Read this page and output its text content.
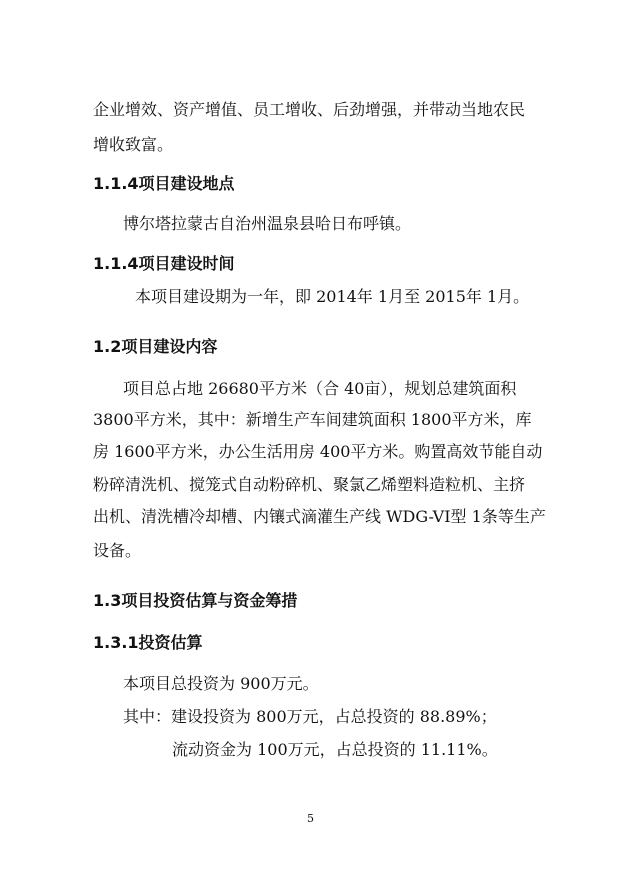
企业增效、资产增值、员工增收、后劲增强，并带动当地农民
增收致富。
1.1.4项目建设地点
博尔塔拉蒙古自治州温泉县哈日布呼镇。
1.1.4项目建设时间
本项目建设期为一年，即 2014年 1月至 2015年 1月。
1.2项目建设内容
项目总占地 26680平方米（合 40亩），规划总建筑面积
3800平方米，其中：新增生产车间建筑面积 1800平方米，库
房 1600平方米，办公生活用房 400平方米。购置高效节能自动
粉碎清洗机、搅笼式自动粉碎机、聚氯乙烯塑料造粒机、主挤
出机、清洗槽冷却槽、内镶式滴灌生产线 WDG-VI型 1条等生产
设备。
1.3项目投资估算与资金筹措
1.3.1投资估算
本项目总投资为 900万元。
其中：建设投资为 800万元，占总投资的 88.89%；
流动资金为 100万元，占总投资的 11.11%。
5
